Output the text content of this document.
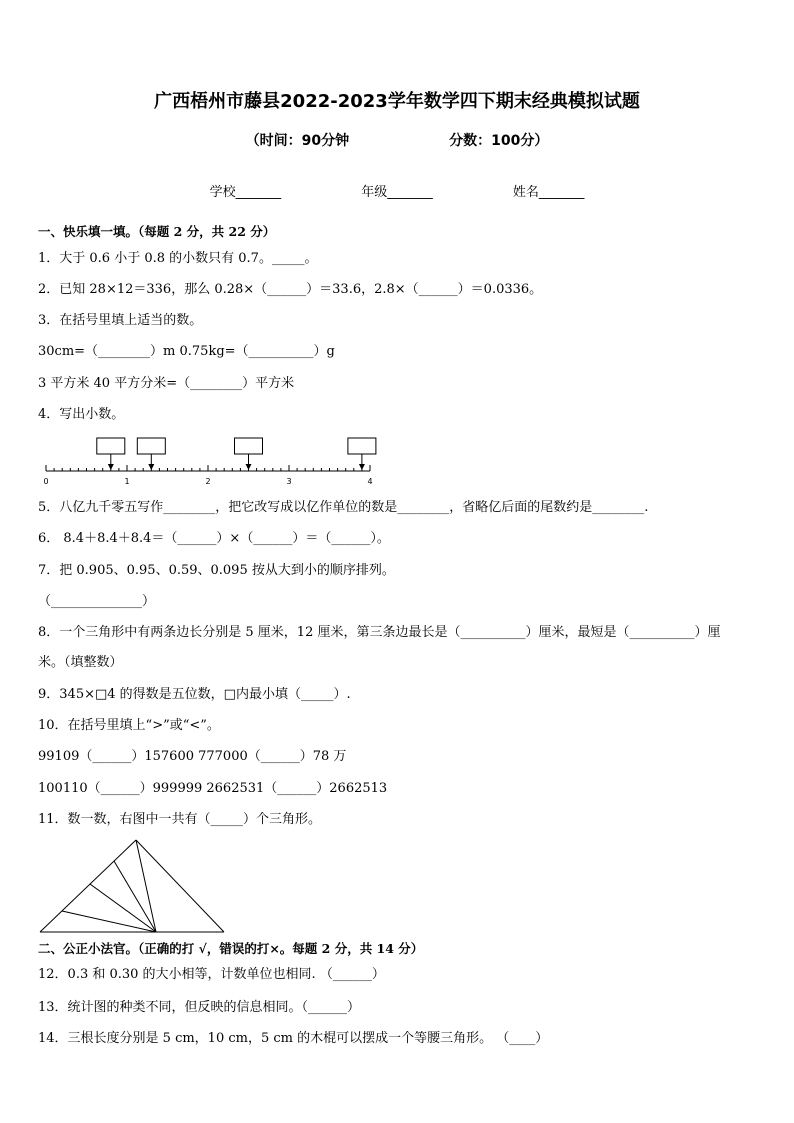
广西梧州市藤县2022-2023学年数学四下期末经典模拟试题
（时间：90分钟	分数：100分）
学校_______	年级_______	姓名_______
一、快乐填一填。（每题 2 分，共 22 分）
1．大于 0.6 小于 0.8 的小数只有 0.7。_____。
2．已知 28×12＝336，那么 0.28×（______）＝33.6，2.8×（______）＝0.0336。
3．在括号里填上适当的数。
30cm=（________）m 0.75kg=（__________）g
3 平方米 40 平方分米=（________）平方米
4．写出小数。
0	1	2	3	4
5．八亿九千零五写作________，把它改写成以亿作单位的数是________，省略亿后面的尾数约是________.
6． 8.4＋8.4＋8.4＝（______）×（______）＝（______）。
7．把 0.905、0.95、0.59、0.095 按从大到小的顺序排列。
（______________）
8．一个三角形中有两条边长分别是 5 厘米，12 厘米，第三条边最长是（__________）厘米，最短是（__________）厘
米。（填整数）
9．345×□4 的得数是五位数，□内最小填（_____）.
10．在括号里填上“>”或“<”。
99109（______）157600 777000（______）78 万
100110（______）999999 2662531（______）2662513
11．数一数，右图中一共有（_____）个三角形。
二、公正小法官。（正确的打 √，错误的打×。每题 2 分，共 14 分）
12．0.3 和 0.30 的大小相等，计数单位也相同. （______）
13．统计图的种类不同，但反映的信息相同。（______）
14．三根长度分别是 5 cm，10 cm，5 cm 的木棍可以摆成一个等腰三角形。 （____）
